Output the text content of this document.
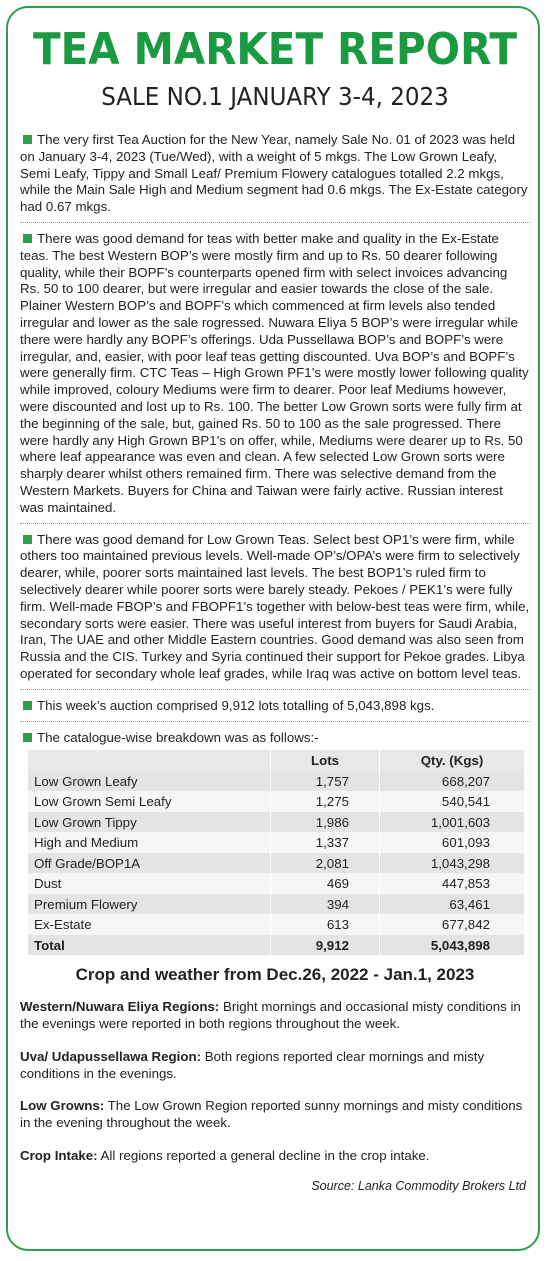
TEA MARKET REPORT
SALE NO.1 JANUARY 3-4, 2023

The very first Tea Auction for the New Year, namely Sale No. 01 of 2023 was held on January 3-4, 2023 (Tue/Wed), with a weight of 5 mkgs. The Low Grown Leafy, Semi Leafy, Tippy and Small Leaf/ Premium Flowery catalogues totalled 2.2 mkgs, while the Main Sale High and Medium segment had 0.6 mkgs. The Ex-Estate category had 0.67 mkgs.

There was good demand for teas with better make and quality in the Ex-Estate teas. The best Western BOP’s were mostly firm and up to Rs. 50 dearer following quality, while their BOPF’s counterparts opened firm with select invoices advancing Rs. 50 to 100 dearer, but were irregular and easier towards the close of the sale. Plainer Western BOP’s and BOPF’s which commenced at firm levels also tended irregular and lower as the sale rogressed. Nuwara Eliya 5 BOP’s were irregular while there were hardly any BOPF’s offerings. Uda Pussellawa BOP’s and BOPF’s were irregular, and, easier, with poor leaf teas getting discounted. Uva BOP’s and BOPF’s were generally firm. CTC Teas – High Grown PF1’s were mostly lower following quality while improved, coloury Mediums were firm to dearer. Poor leaf Mediums however, were discounted and lost up to Rs. 100. The better Low Grown sorts were fully firm at the beginning of the sale, but, gained Rs. 50 to 100 as the sale progressed. There were hardly any High Grown BP1’s on offer, while, Mediums were dearer up to Rs. 50 where leaf appearance was even and clean. A few selected Low Grown sorts were sharply dearer whilst others remained firm. There was selective demand from the Western Markets. Buyers for China and Taiwan were fairly active. Russian interest was maintained.

There was good demand for Low Grown Teas. Select best OP1’s were firm, while others too maintained previous levels. Well-made OP’s/OPA’s were firm to selectively dearer, while, poorer sorts maintained last levels. The best BOP1’s ruled firm to selectively dearer while poorer sorts were barely steady. Pekoes / PEK1’s were fully firm. Well-made FBOP’s and FBOPF1’s together with below-best teas were firm, while, secondary sorts were easier. There was useful interest from buyers for Saudi Arabia, Iran, The UAE and other Middle Eastern countries. Good demand was also seen from Russia and the CIS. Turkey and Syria continued their support for Pekoe grades. Libya operated for secondary whole leaf grades, while Iraq was active on bottom level teas.

This week’s auction comprised 9,912 lots totalling of 5,043,898 kgs.

The catalogue-wise breakdown was as follows:-

	Lots	Qty. (Kgs)
Low Grown Leafy	1,757	668,207
Low Grown Semi Leafy	1,275	540,541
Low Grown Tippy	1,986	1,001,603
High and Medium	1,337	601,093
Off Grade/BOP1A	2,081	1,043,298
Dust	469	447,853
Premium Flowery	394	63,461
Ex-Estate	613	677,842
Total	9,912	5,043,898
Crop and weather from Dec.26, 2022 - Jan.1, 2023

Western/Nuwara Eliya Regions: Bright mornings and occasional misty conditions in the evenings were reported in both regions throughout the week.

Uva/ Udapussellawa Region: Both regions reported clear mornings and misty conditions in the evenings.

Low Growns: The Low Grown Region reported sunny mornings and misty conditions in the evening throughout the week.

Crop Intake: All regions reported a general decline in the crop intake.

Source: Lanka Commodity Brokers Ltd
